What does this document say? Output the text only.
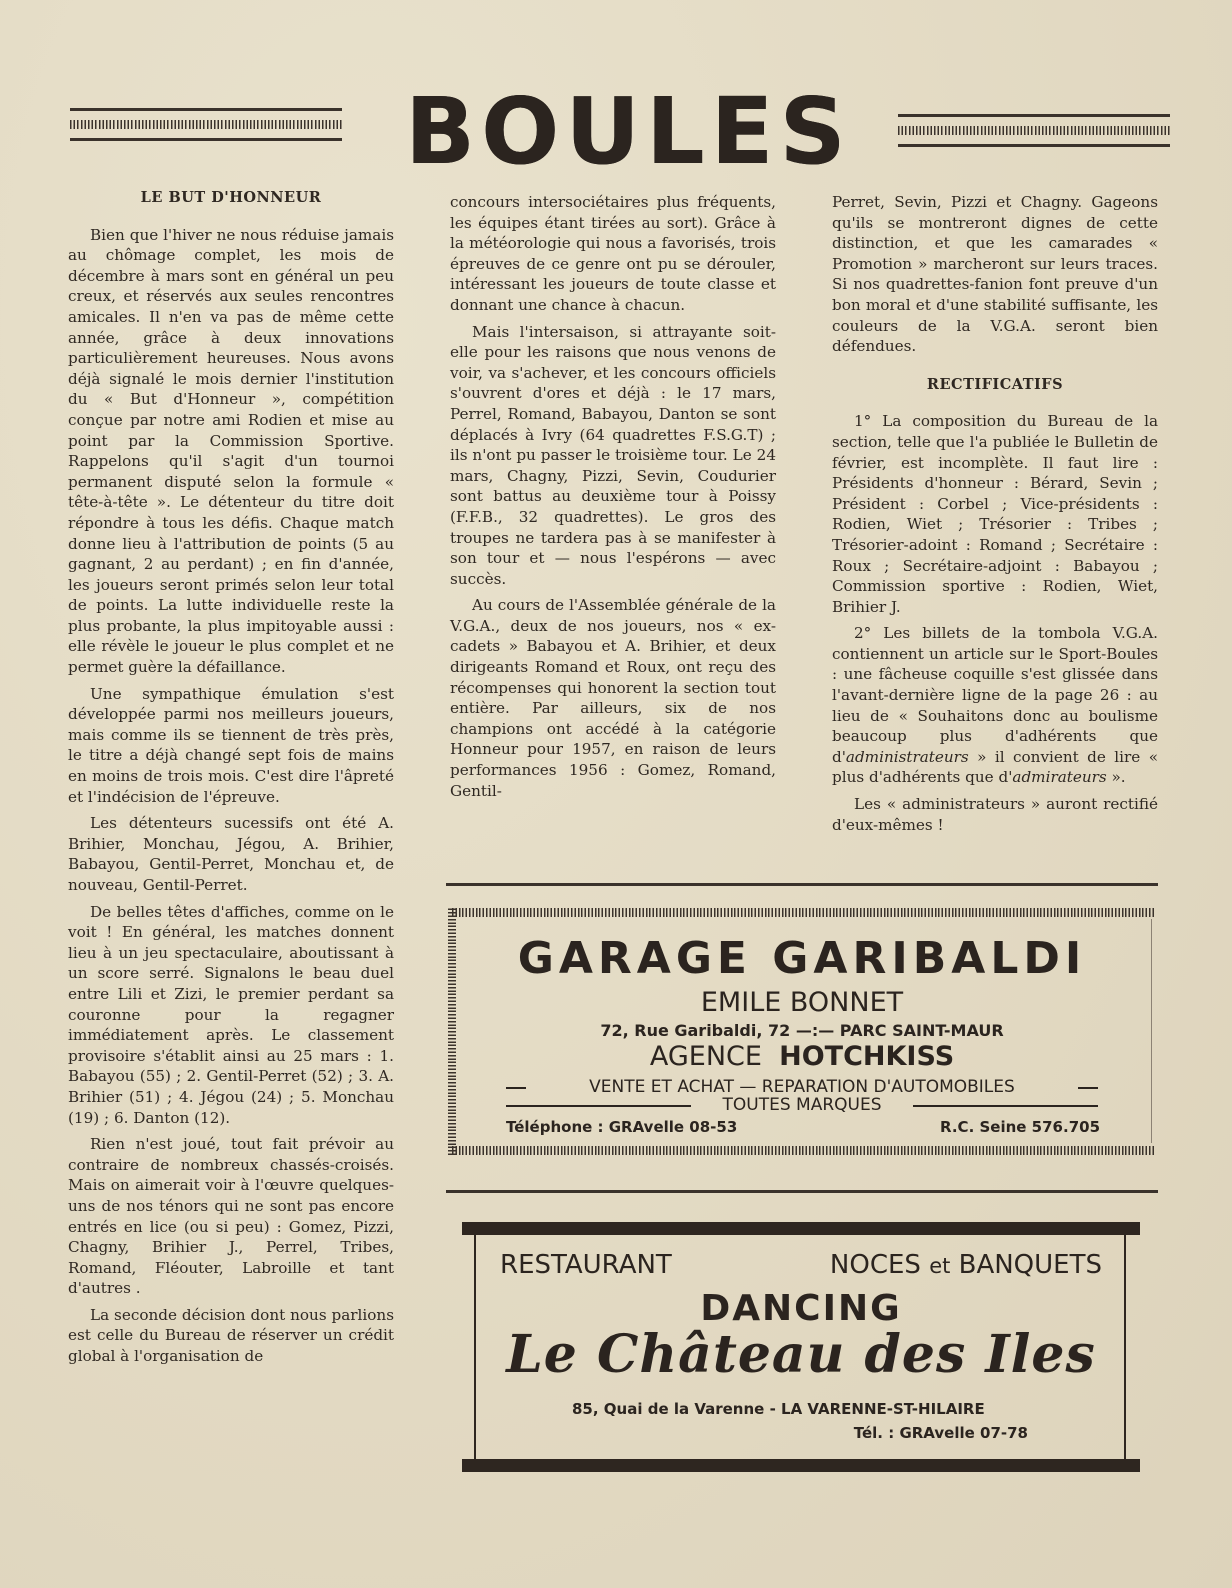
BOULES
LE BUT D'HONNEUR

Bien que l'hiver ne nous réduise jamais au chômage complet, les mois de décembre à mars sont en général un peu creux, et réservés aux seules rencontres amicales. Il n'en va pas de même cette année, grâce à deux innovations particulièrement heureuses. Nous avons déjà signalé le mois dernier l'institution du « But d'Honneur », compétition conçue par notre ami Rodien et mise au point par la Commission Sportive. Rappelons qu'il s'agit d'un tournoi permanent disputé selon la formule « tête-à-tête ». Le détenteur du titre doit répondre à tous les défis. Chaque match donne lieu à l'attribution de points (5 au gagnant, 2 au perdant) ; en fin d'année, les joueurs seront primés selon leur total de points. La lutte individuelle reste la plus probante, la plus impitoyable aussi : elle révèle le joueur le plus complet et ne permet guère la défaillance.

Une sympathique émulation s'est développée parmi nos meilleurs joueurs, mais comme ils se tiennent de très près, le titre a déjà changé sept fois de mains en moins de trois mois. C'est dire l'âpreté et l'indécision de l'épreuve.

Les détenteurs sucessifs ont été A. Brihier, Monchau, Jégou, A. Brihier, Babayou, Gentil-Perret, Monchau et, de nouveau, Gentil-Perret.

De belles têtes d'affiches, comme on le voit ! En général, les matches donnent lieu à un jeu spectaculaire, aboutissant à un score serré. Signalons le beau duel entre Lili et Zizi, le premier perdant sa couronne pour la regagner immédiatement après. Le classement provisoire s'établit ainsi au 25 mars : 1. Babayou (55) ; 2. Gentil-Perret (52) ; 3. A. Brihier (51) ; 4. Jégou (24) ; 5. Monchau (19) ; 6. Danton (12).

Rien n'est joué, tout fait prévoir au contraire de nombreux chassés-croisés. Mais on aimerait voir à l'œuvre quelques-uns de nos ténors qui ne sont pas encore entrés en lice (ou si peu) : Gomez, Pizzi, Chagny, Brihier J., Perrel, Tribes, Romand, Fléouter, Labroille et tant d'autres .

La seconde décision dont nous parlions est celle du Bureau de réserver un crédit global à l'organisation de

concours intersociétaires plus fréquents, les équipes étant tirées au sort). Grâce à la météorologie qui nous a favorisés, trois épreuves de ce genre ont pu se dérouler, intéressant les joueurs de toute classe et donnant une chance à chacun.

Mais l'intersaison, si attrayante soit-elle pour les raisons que nous venons de voir, va s'achever, et les concours officiels s'ouvrent d'ores et déjà : le 17 mars, Perrel, Romand, Babayou, Danton se sont déplacés à Ivry (64 quadrettes F.S.G.T) ; ils n'ont pu passer le troisième tour. Le 24 mars, Chagny, Pizzi, Sevin, Coudurier sont battus au deuxième tour à Poissy (F.F.B., 32 quadrettes). Le gros des troupes ne tardera pas à se manifester à son tour et — nous l'espérons — avec succès.

Au cours de l'Assemblée générale de la V.G.A., deux de nos joueurs, nos « ex-cadets » Babayou et A. Brihier, et deux dirigeants Romand et Roux, ont reçu des récompenses qui honorent la section tout entière. Par ailleurs, six de nos champions ont accédé à la catégorie Honneur pour 1957, en raison de leurs performances 1956 : Gomez, Romand, Gentil-

Perret, Sevin, Pizzi et Chagny. Gageons qu'ils se montreront dignes de cette distinction, et que les camarades « Promotion » marcheront sur leurs traces. Si nos quadrettes-fanion font preuve d'un bon moral et d'une stabilité suffisante, les couleurs de la V.G.A. seront bien défendues.

RECTIFICATIFS

1° La composition du Bureau de la section, telle que l'a publiée le Bulletin de février, est incomplète. Il faut lire : Présidents d'honneur : Bérard, Sevin ; Président : Corbel ; Vice-présidents : Rodien, Wiet ; Trésorier : Tribes ; Trésorier-adoint : Romand ; Secrétaire : Roux ; Secrétaire-adjoint : Babayou ; Commission sportive : Rodien, Wiet, Brihier J.

2° Les billets de la tombola V.G.A. contiennent un article sur le Sport-Boules : une fâcheuse coquille s'est glissée dans l'avant-dernière ligne de la page 26 : au lieu de « Souhaitons donc au boulisme beaucoup plus d'adhérents que d'administrateurs » il convient de lire « plus d'adhérents que d'admirateurs ».

Les « administrateurs » auront rectifié d'eux-mêmes !

GARAGE GARIBALDI
EMILE BONNET
72, Rue Garibaldi, 72 —:— PARC SAINT-MAUR
AGENCE HOTCHKISS
VENTE ET ACHAT — REPARATION D'AUTOMOBILES
TOUTES MARQUES
Téléphone : GRAvelle 08-53	R.C. Seine 576.705
RESTAURANT	NOCES et BANQUETS
DANCING
Le Château des Iles
85, Quai de la Varenne - LA VARENNE-ST-HILAIRE
Tél. : GRAvelle 07-78
